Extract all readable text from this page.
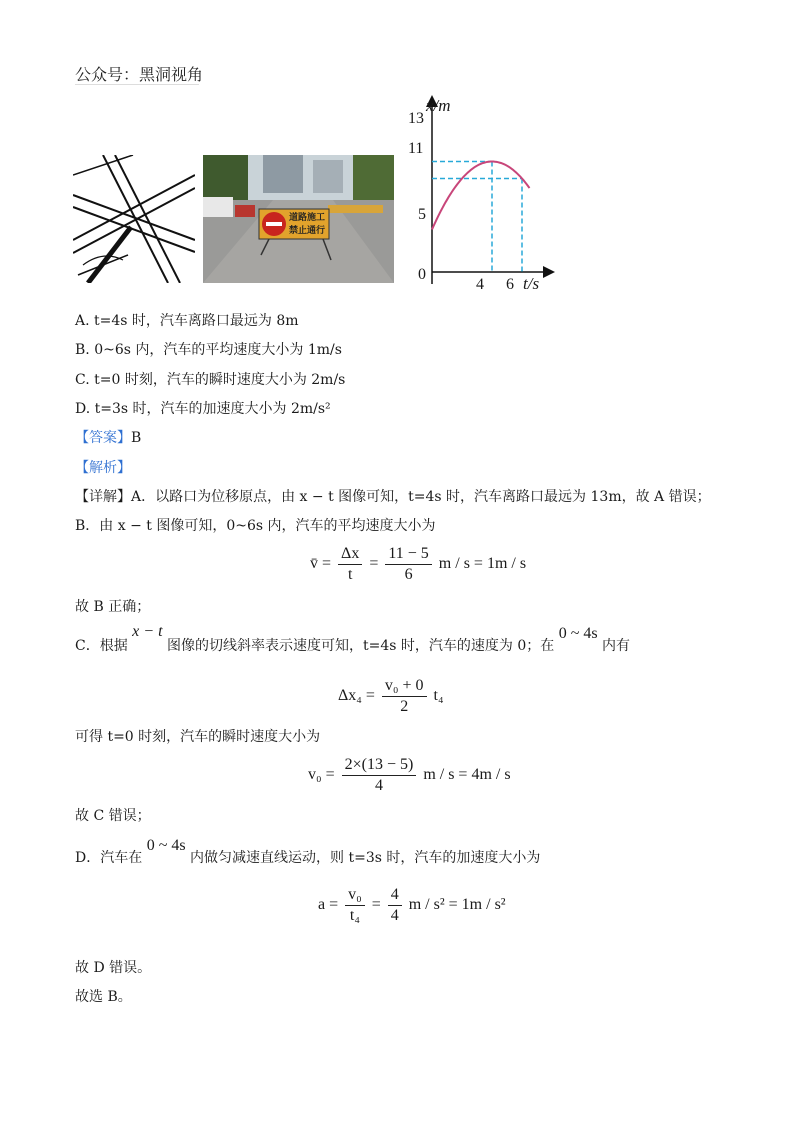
公众号：黑洞视角
道路施工
禁止通行
x/m
t/s
13
11
5
0
4 6
A. t=4s 时，汽车离路口最远为 8m
B. 0~6s 内，汽车的平均速度大小为 1m/s
C. t=0 时刻，汽车的瞬时速度大小为 2m/s
D. t=3s 时，汽车的加速度大小为 2m/s²
【答案】B
【解析】
【详解】A．以路口为位移原点，由 x − t 图像可知，t=4s 时，汽车离路口最远为 13m，故 A 错误；
B．由 x − t 图像可知，0~6s 内，汽车的平均速度大小为
v̄ = $\frac{\Delta x}{t} = \frac{11 - 5}{6}$ m / s = 1m / s
故 B 正确；
C．根据 x − t 图像的切线斜率表示速度可知，t=4s 时，汽车的速度为 0；在 0 ~ 4s 内有
$\Delta x_4 = \frac{\text{v₀ + 0}}{2} t_4$
可得 t=0 时刻，汽车的瞬时速度大小为
$v_0 = \frac{2\times(13 - 5)}{4}$ m / s = 4m / s
故 C 错误；
D．汽车在 0 ~ 4s 内做匀减速直线运动，则 t=3s 时，汽车的加速度大小为
$a = \frac{\text{v₀}}{\text{t₄}} = \frac{4}{4}$ m / s² = 1m / s²
故 D 错误。
故选 B。
